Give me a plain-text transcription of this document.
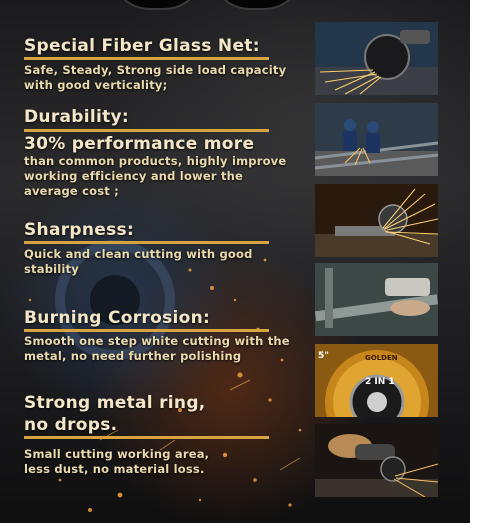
Special Fiber Glass Net:
Safe, Steady, Strong side load capacity
with good verticality;
Durability:
30% performance more
than common products, highly improve
working efficiency and lower the
average cost ;
Sharpness:
Quick and clean cutting with good
stability
Burning Corrosion:
Smooth one step white cutting with the
metal, no need further polishing
Strong metal ring,
no drops.
Small cutting working area,
less dust, no material loss.
GOLDEN
2 IN 1
5"
